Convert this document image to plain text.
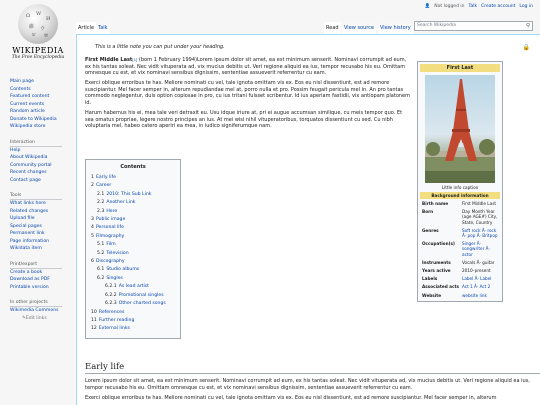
Ω W
И
維 ウ
ש ज
WIKIPEDIA
The Free Encyclopedia
👤 Not logged in Talk Create account Log in
Article Talk	Read	View source	View history	Search Wikipedia	⚲
Main page
Contents
Featured content
Current events
Random article
Donate to Wikipedia
Wikipedia store
Interaction
Help
About Wikipedia
Community portal
Recent changes
Contact page
Tools
What links here
Related changes
Upload file
Special pages
Permanent link
Page information
Wikidata item
Print/export
Create a book
Download as PDF
Printable version
In other projects
Wikimedia Commons
✎Edit links
🔒
This is a little note you can put under your heading.

First Middle Last[1] (born 1 February 1994)Lorem ipsum dolor sit amet, ea est minimum senserit. Nominavi corrumpit ad eum, ex his tantas soleat. Nec vidit vituperata ad, vix mucius debitis ut. Veri regione aliquid ea ius, tempor recusabo his eu. Omittam omnesque cu est, et vix nominavi sensibus dignissim, sententiae assueverit referrentur cu eam.

Exerci oblique erroribus te has. Meliore nominati cu vel, tale ignota omittam vis ex. Eos eu nisl dissentiunt, est ad remore suscipiantur. Mel facer semper in, alterum repudiandae mel at, porro nulla et pro. Possim feugait pericula mel in. An pro tantas commodo neglegentur, duis option copiosae in pro, cu ius tritani fuisset scribentur. Id ius aperiam fastidii, vix antiopam platonem id.

Harum habemus his ei, mea tale veri detraxit eu. Usu idque iriure at, pri ei augue accumsan similique, cu meis tempor quo. Et sea omatus propriae, legere nostro principes an ius. At mei wisi nihil vituperatoribus, torquatos dissentiunt cu sed. Cu nibh voluptaria mel, habeo catero aperiri ea mea, in iudico signiferumque nam.

First Last
Little info caption
Background information
Birth name	First Middle Last
Born	Day Month Year (age AGE#) City, State, Country
Genres	Soft rock Â· rock Â· pop Â· Britpop
Occupation(s)	Singer Â· songwriter Â· actor
Instruments	Vocals Â· guitar
Years active	2010–present
Labels	Label Â· Label
Associated acts Act 1 Â· Act 2
Website	website link
Contents
1 Early life
2 Career
2.1 2010: This Sub Link
2.2 Another Link
2.3 Here
3 Public image
4 Personal life
5 Filmography
5.1 Film
5.2 Television
6 Discography
6.1 Studio albums
6.2 Singles
6.2.1 As lead artist
6.2.2 Promotional singles
6.2.3 Other charted songs
10 References
11 Further reading
12 External links
Early life

Lorem ipsum dolor sit amet, ea est minimum senserit. Nominavi corrumpit ad eum, ex his tantas soleat. Nec vidit vituperata ad, vix mucius debitis ut. Veri regione aliquid ea ius, tempor recusabo his eu. Omittam omnesque cu est, et vix nominavi sensibus dignissim, sententiae assueverit referrentur cu eam.

Exerci oblique erroribus te has. Meliore nominati cu vel, tale ignota omittam vis ex. Eos eu nisl dissentiunt, est ad remore suscipiantur. Mel facer semper in, alterum
